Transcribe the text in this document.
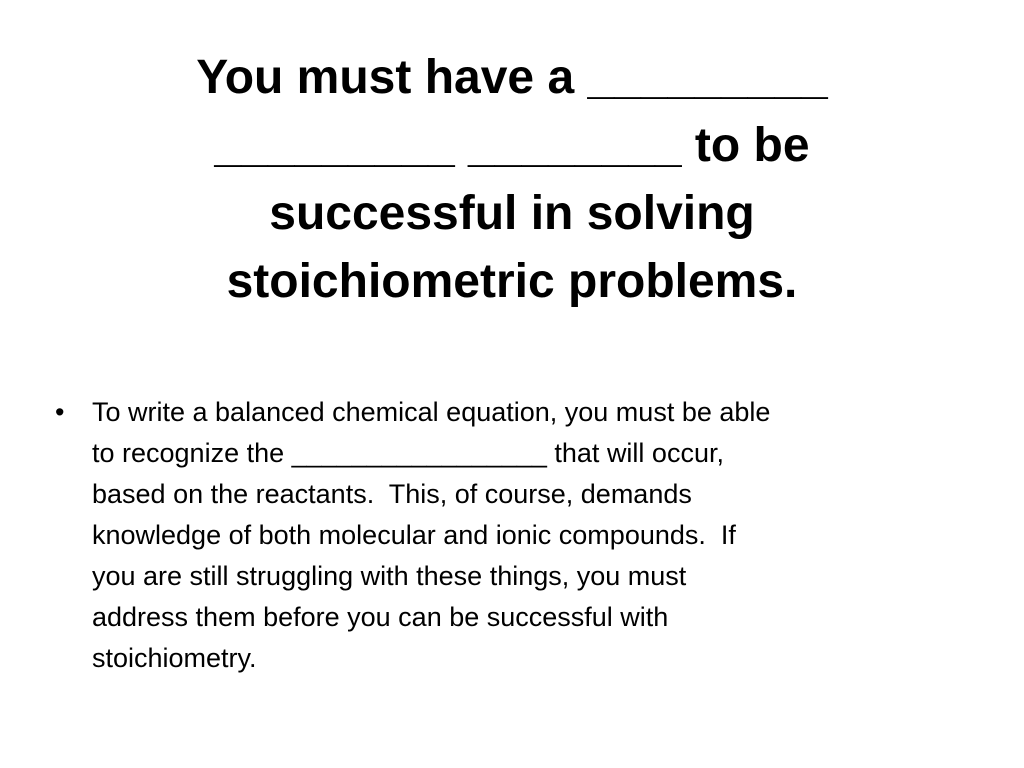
You must have a _________
_________ ________ to be
successful in solving
stoichiometric problems.
• To write a balanced chemical equation, you must be able
to recognize the _________________ that will occur,
based on the reactants.  This, of course, demands
knowledge of both molecular and ionic compounds.  If
you are still struggling with these things, you must
address them before you can be successful with
stoichiometry.
